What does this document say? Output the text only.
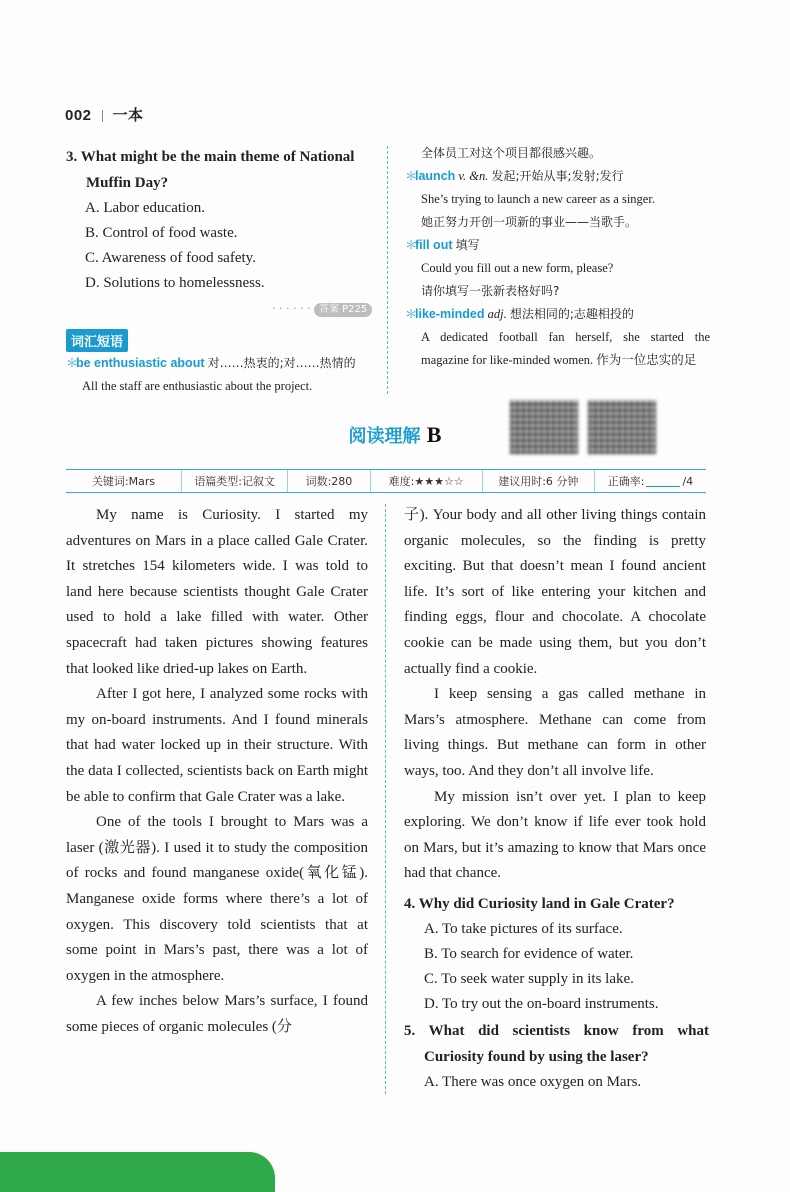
002 一本
3. What might be the main theme of National
Muffin Day?
A. Labor education.
B. Control of food waste.
C. Awareness of food safety.
D. Solutions to homelessness.
· · · · · · 答案 P225
词汇短语
＊be enthusiastic about 对……热衷的;对……热情的
All the staff are enthusiastic about the project.
全体员工对这个项目都很感兴趣。
＊launch v. &n. 发起;开始从事;发射;发行
She’s trying to launch a new career as a singer.
她正努力开创一项新的事业——当歌手。
＊fill out 填写
Could you fill out a new form, please?
请你填写一张新表格好吗?
＊like-minded adj. 想法相同的;志趣相投的
A dedicated football fan herself, she started the
magazine for like-minded women. 作为一位忠实的足
阅读理解 B
关键词:Mars	语篇类型:记叙文	词数:280	难度:★★★☆☆	建议用时:6 分钟	正确率:	/4

My name is Curiosity. I started my adventures on Mars in a place called Gale Crater. It stretches 154 kilometers wide. I was told to land here because scientists thought Gale Crater used to hold a lake filled with water. Other spacecraft had taken pictures showing features that looked like dried-up lakes on Earth.

After I got here, I analyzed some rocks with my on-board instruments. And I found minerals that had water locked up in their structure. With the data I collected, scientists back on Earth might be able to confirm that Gale Crater was a lake.

One of the tools I brought to Mars was a laser (激光器). I used it to study the composition of rocks and found manganese oxide(氧化锰). Manganese oxide forms where there’s a lot of oxygen. This discovery told scientists that at some point in Mars’s past, there was a lot of oxygen in the atmosphere.

A few inches below Mars’s surface, I found some pieces of organic molecules (分

子). Your body and all other living things contain organic molecules, so the finding is pretty exciting. But that doesn’t mean I found ancient life. It’s sort of like entering your kitchen and finding eggs, flour and chocolate. A chocolate cookie can be made using them, but you don’t actually find a cookie.

I keep sensing a gas called methane in Mars’s atmosphere. Methane can come from living things. But methane can form in other ways, too. And they don’t all involve life.

My mission isn’t over yet. I plan to keep exploring. We don’t know if life ever took hold on Mars, but it’s amazing to know that Mars once had that chance.

4. Why did Curiosity land in Gale Crater?
A. To take pictures of its surface.
B. To search for evidence of water.
C. To seek water supply in its lake.
D. To try out the on-board instruments.
5. What did scientists know from what
Curiosity found by using the laser?
A. There was once oxygen on Mars.
